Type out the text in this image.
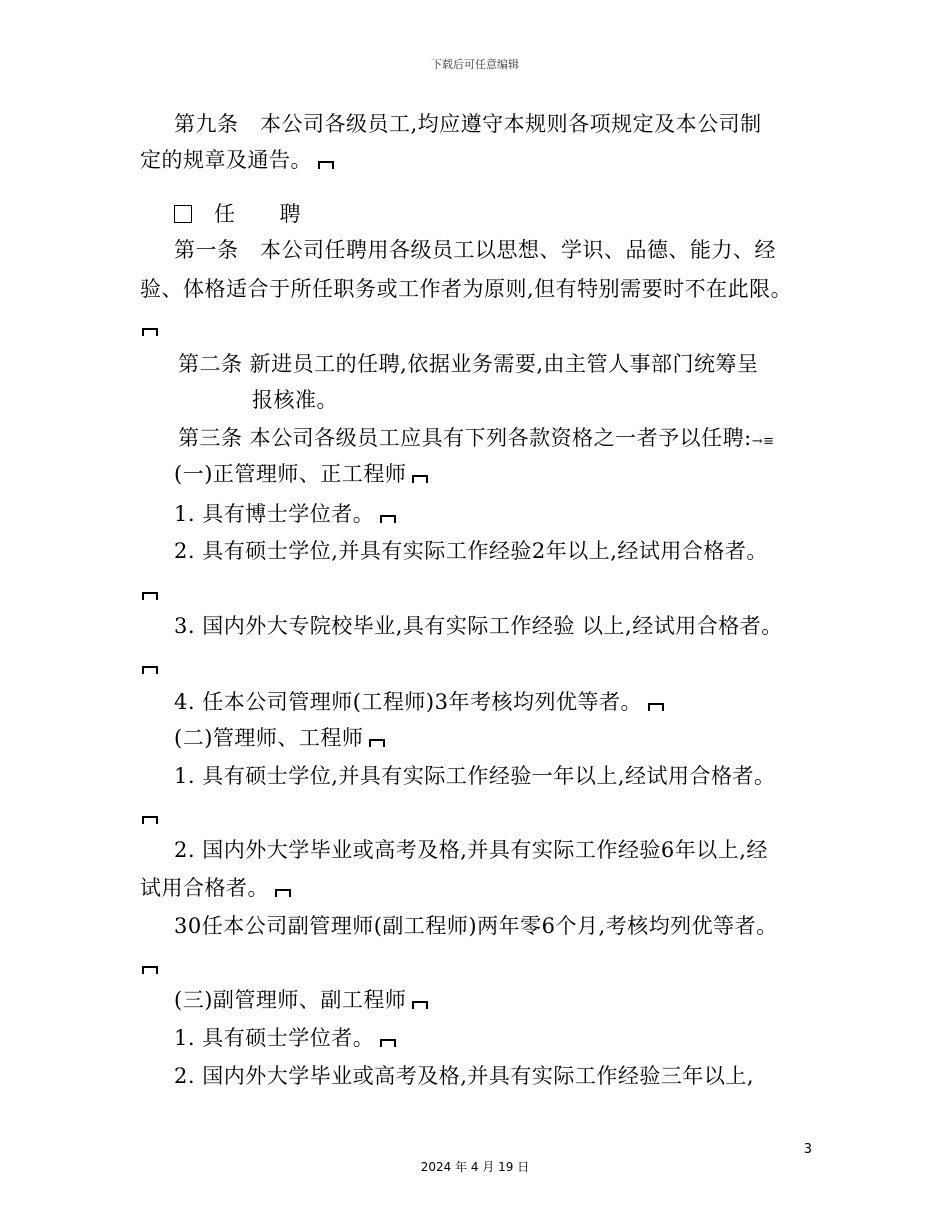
下载后可任意编辑
第九条　本公司各级员工,均应遵守本规则各项规定及本公司制
定的规章及通告。
任 聘
第一条　本公司任聘用各级员工以思想、学识、品德、能力、经
验、体格适合于所任职务或工作者为原则,但有特别需要时不在此限。
第二条 新进员工的任聘,依据业务需要,由主管人事部门统筹呈
报核准。
第三条 本公司各级员工应具有下列各款资格之一者予以任聘:→≡
(一)正管理师、正工程师
1. 具有博士学位者。
2. 具有硕士学位,并具有实际工作经验2年以上,经试用合格者。
3. 国内外大专院校毕业,具有实际工作经验 以上,经试用合格者。
4. 任本公司管理师(工程师)3年考核均列优等者。
(二)管理师、工程师
1. 具有硕士学位,并具有实际工作经验一年以上,经试用合格者。
2. 国内外大学毕业或高考及格,并具有实际工作经验6年以上,经
试用合格者。
30任本公司副管理师(副工程师)两年零6个月,考核均列优等者。
(三)副管理师、副工程师
1. 具有硕士学位者。
2. 国内外大学毕业或高考及格,并具有实际工作经验三年以上,
3
2024 年 4 月 19 日
